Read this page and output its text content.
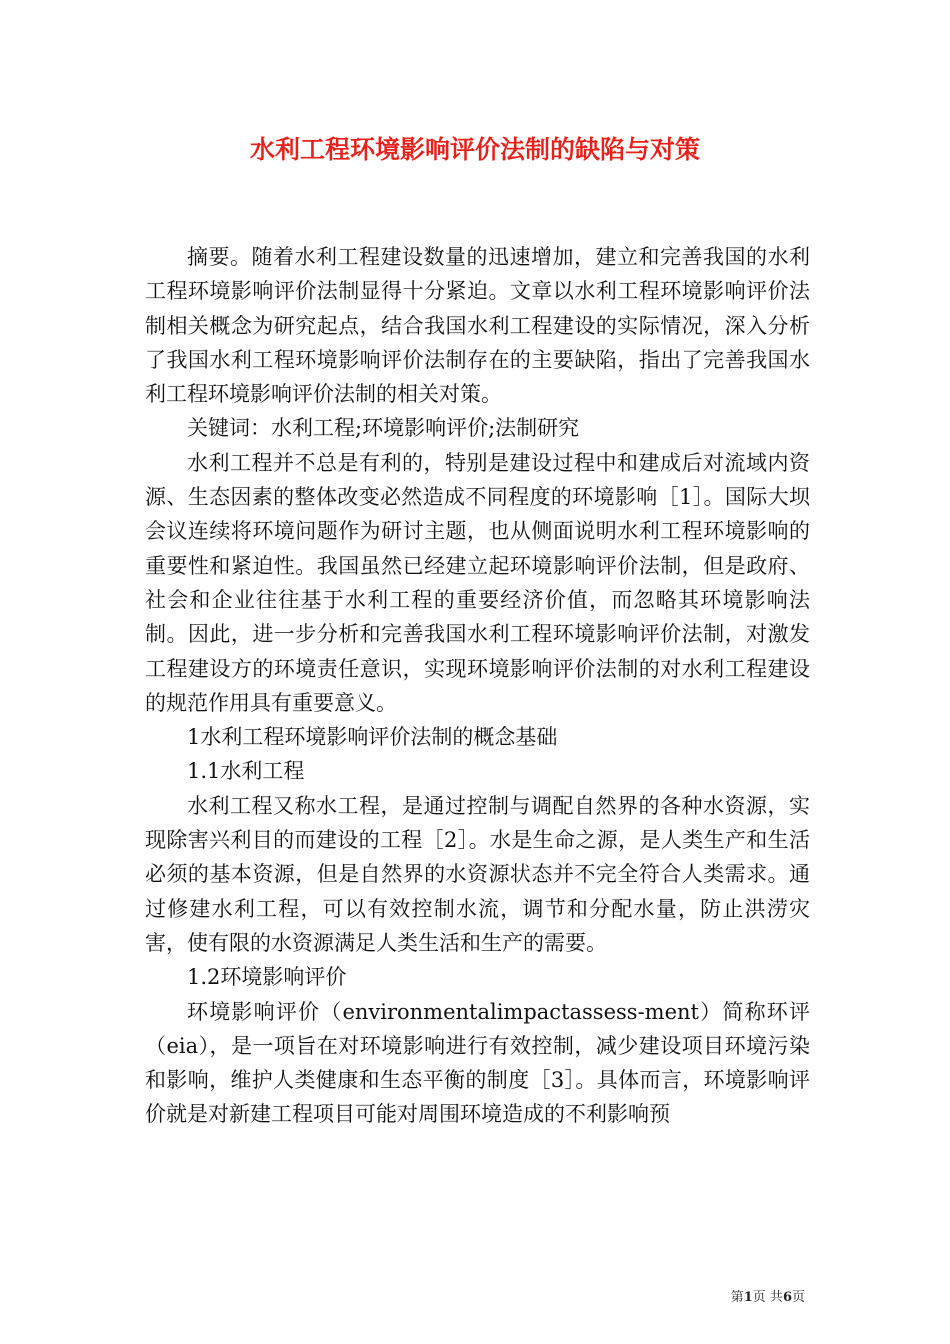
水利工程环境影响评价法制的缺陷与对策

摘要。随着水利工程建设数量的迅速增加，建立和完善我国的水利工程环境影响评价法制显得十分紧迫。文章以水利工程环境影响评价法制相关概念为研究起点，结合我国水利工程建设的实际情况，深入分析了我国水利工程环境影响评价法制存在的主要缺陷，指出了完善我国水利工程环境影响评价法制的相关对策。

关键词：水利工程;环境影响评价;法制研究

水利工程并不总是有利的，特别是建设过程中和建成后对流域内资源、生态因素的整体改变必然造成不同程度的环境影响［1］。国际大坝会议连续将环境问题作为研讨主题，也从侧面说明水利工程环境影响的重要性和紧迫性。我国虽然已经建立起环境影响评价法制，但是政府、社会和企业往往基于水利工程的重要经济价值，而忽略其环境影响法制。因此，进一步分析和完善我国水利工程环境影响评价法制，对激发工程建设方的环境责任意识，实现环境影响评价法制的对水利工程建设的规范作用具有重要意义。

1水利工程环境影响评价法制的概念基础

1.1水利工程

水利工程又称水工程，是通过控制与调配自然界的各种水资源，实现除害兴利目的而建设的工程［2］。水是生命之源，是人类生产和生活必须的基本资源，但是自然界的水资源状态并不完全符合人类需求。通过修建水利工程，可以有效控制水流，调节和分配水量，防止洪涝灾害，使有限的水资源满足人类生活和生产的需要。

1.2环境影响评价

环境影响评价（environmentalimpactassess-ment）简称环评（eia），是一项旨在对环境影响进行有效控制，减少建设项目环境污染和影响，维护人类健康和生态平衡的制度［3］。具体而言，环境影响评价就是对新建工程项目可能对周围环境造成的不利影响预

第1页 共6页
